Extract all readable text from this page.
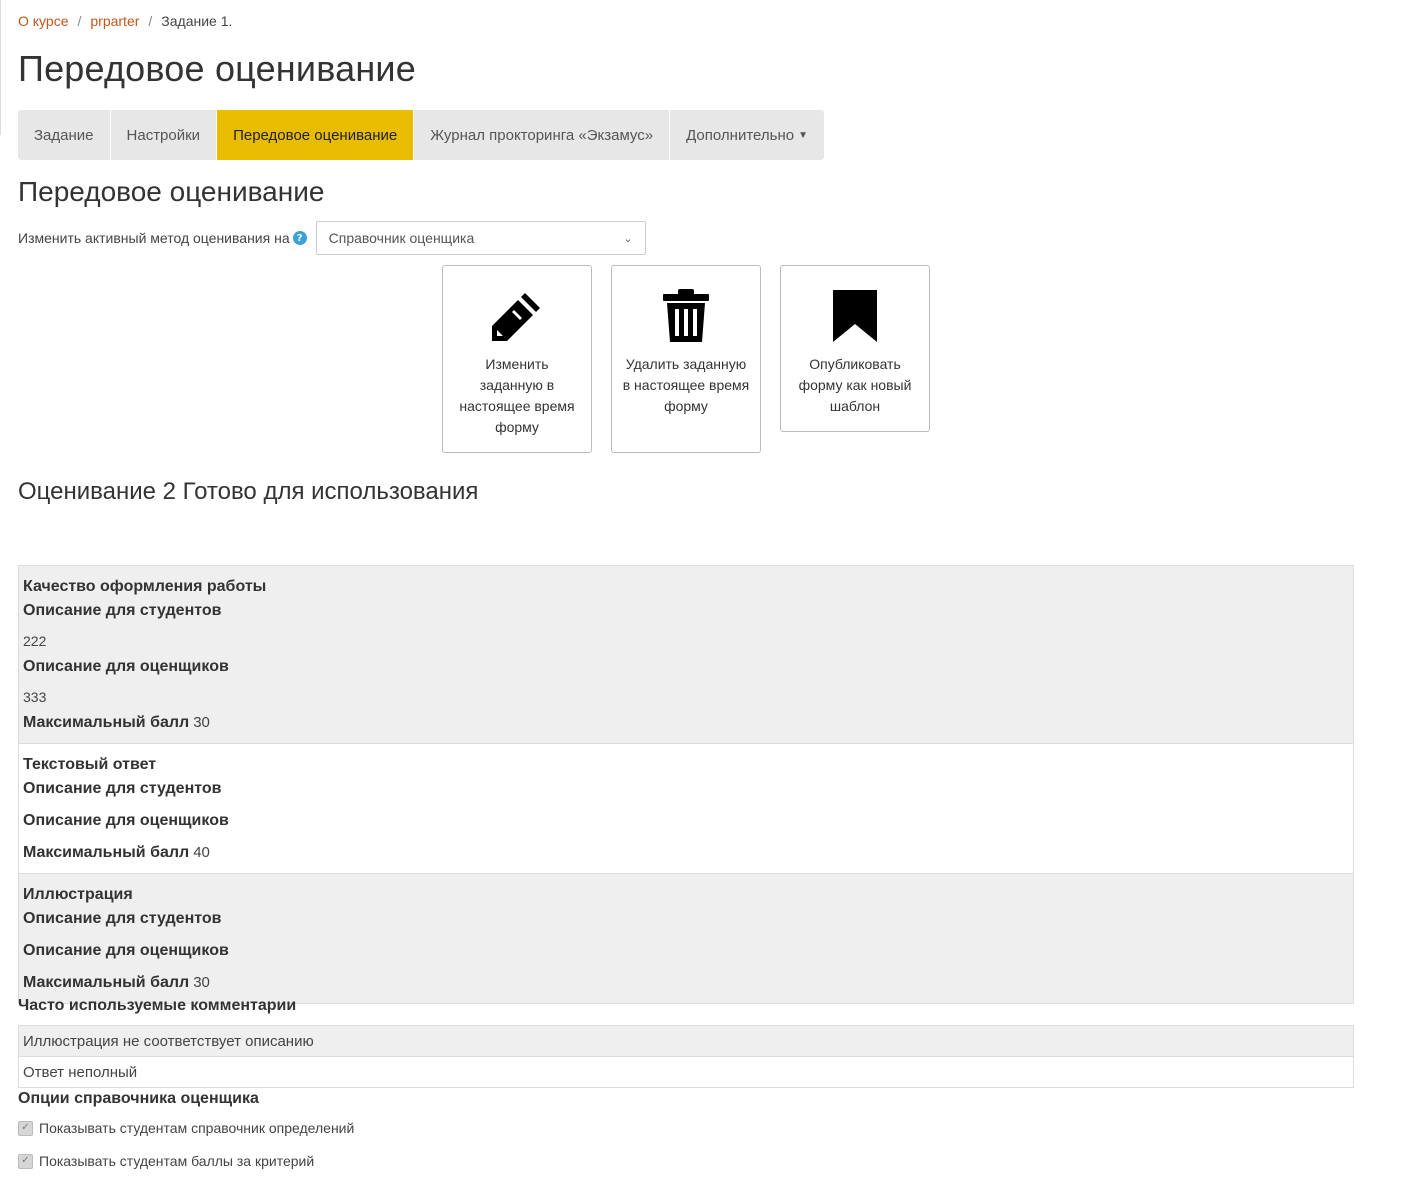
О курсе / prparter / Задание 1.
Передовое оценивание
Задание Настройки Передовое оценивание Журнал прокторинга «Экзамус» Дополнительно ▼
Передовое оценивание
Изменить активный метод оценивания на ? Справочник оценщика	⌄
Изменить заданную в настоящее время форму
Удалить заданную в настоящее время форму
Опубликовать форму как новый шаблон
Оценивание 2 Готово для использования
Качество оформления работы
Описание для студентов
222
Описание для оценщиков
333
Максимальный балл 30
Текстовый ответ
Описание для студентов
Описание для оценщиков
Максимальный балл 40
Иллюстрация
Описание для студентов
Описание для оценщиков
Максимальный балл 30
Часто используемые комментарии
Иллюстрация не соответствует описанию
Ответ неполный
Опции справочника оценщика
✓ Показывать студентам справочник определений
✓ Показывать студентам баллы за критерий
